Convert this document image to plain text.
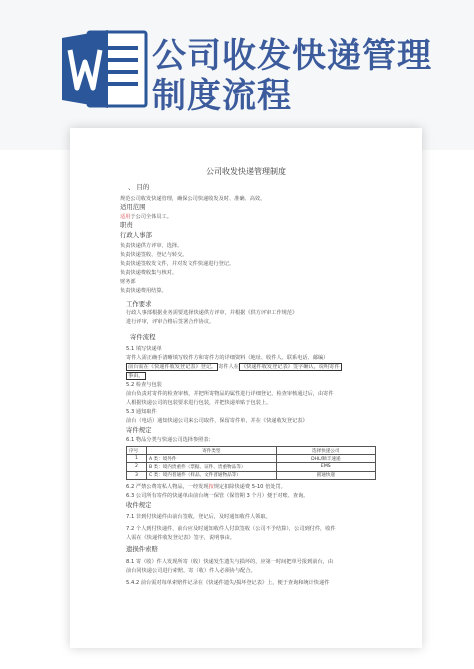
公司收发快递管理
制度流程
公司收发快递管理制度
、 目的
规范公司收发快递管理，确保公司快递收发及时、准确、高效。
适用范围
适用于公司全体员工。
职责
行政人事部
负责快递供方评审、选择。
负责快递签收、登记与转交。
负责快递签收发文件，并对发文件快递进行登记。
负责快递费收集与核对。
财务部
负责快递费用结算。
工作要求
行政人事部根据业务需要选择快递供方评审，并根据《供方评审工作规范》
进行评审，评审合格后签署合作协议。
寄件流程
5.1 填写快递单
寄件人需正确手清晰填写收件方和寄件方的详细资料（地址、收件人、联系电话、邮编）
前台需在《快递件收发登记表》登记。 寄件人在 《快递件收发登记表》签字确认，说明寄件
事由。
5.2 检查与包装
前台负责对寄件的检查审核，并把所寄物品的属性进行详细登记，检查审核通过后，由寄件
人根据快递公司的包装要求进行包装，并把快递单贴于包装上。
5.3 通知取件
前台（电话）通知快递公司来公司取件，保留寄件单，并在《快递收发登记表》
寄件规定
6.1 物品分类与快递公司选择参照表：
序号	寄件类型	选择快递公司
1	A 类：境外件	DHL/顺丰速递
2	B 类：境内贵重件（票据、证件、贵重物品等）	EMS
3	C 类：境内普通件（样品、文件普通物品等）	圆通快递
6.2 严禁公费寄私人物品，一经发现按规定扣除快递费 5-10 倍处罚。
6.3 公司所有寄件的快递单由前台统一保管（保管期 3 个月）便于对账、查询。
收件规定
7.1 非到付快递件由前台签收，登记后，及时通知收件人领取。
7.2 个人到付快递件，前台应及时通知收件人付款签收（公司不予结算），公司到付件，收件
人需在《快递件收发登记表》签字，说明事由。
遗损件索赔
8.1 寄（收）件人发现所寄（收）快递发生遗失与损坏的，应第一时间把单号报到前台，由
前台同快递公司进行索赔，寄（收）件人必须协与配合。
5.4.2 前台需对每单索赔件记录在《快递件遗失/损坏登记表》上，便于查询和统计快递件
